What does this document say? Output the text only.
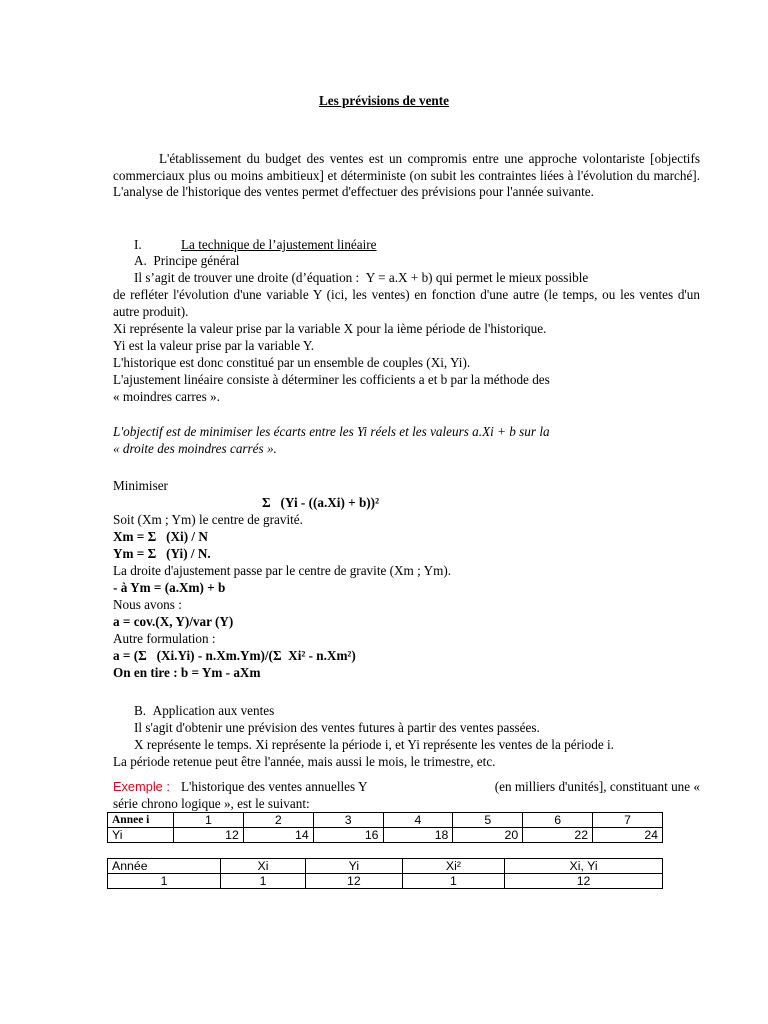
Les prévisions de vente
L'établissement du budget des ventes est un compromis entre une approche volontariste [objectifs commerciaux plus ou moins ambitieux] et déterministe (on subit les contraintes liées à l'évolution du marché]. L'analyse de l'historique des ventes permet d'effectuer des prévisions pour l'année suivante.
I.	La technique de l’ajustement linéaire
A.  Principe général
Il s’agit de trouver une droite (d’équation :  Y = a.X + b) qui permet le mieux possible
de refléter l'évolution d'une variable Y (ici, les ventes) en fonction d'une autre (le temps, ou les ventes d'un autre produit).
Xi représente la valeur prise par la variable X pour la ième période de l'historique.
Yi est la valeur prise par la variable Y.
L'historique est donc constitué par un ensemble de couples (Xi, Yi).
L'ajustement linéaire consiste à déterminer les cofficients a et b par la méthode des
« moindres carres ».
L'objectif est de minimiser les écarts entre les Yi réels et les valeurs a.Xi + b sur la
« droite des moindres carrés ».
Minimiser
Σ   (Yi - ((a.Xi) + b))²
Soit (Xm ; Ym) le centre de gravité.
Xm = Σ   (Xi) / N
Ym = Σ   (Yi) / N.
La droite d'ajustement passe par le centre de gravite (Xm ; Ym).
- à Ym = (a.Xm) + b
Nous avons :
a = cov.(X, Y)/var (Y)
Autre formulation :
a = (Σ   (Xi.Yi) - n.Xm.Ym)/(Σ  Xi² - n.Xm²)
On en tire : b = Ym - aXm
B.  Application aux ventes
Il s'agit d'obtenir une prévision des ventes futures à partir des ventes passées.
X représente le temps. Xi représente la période i, et Yi représente les ventes de la période i.
La période retenue peut être l'année, mais aussi le mois, le trimestre, etc.
Exemple : L'historique des ventes annuelles Y	(en milliers d'unités], constituant une «
série chrono logique », est le suivant:
Annee i	1	2	3	4	5	6	7
Yi	12	14	16	18	20	22	24
Année	Xi	Yi	Xi²	Xi, Yi
1	1	12	1	12
